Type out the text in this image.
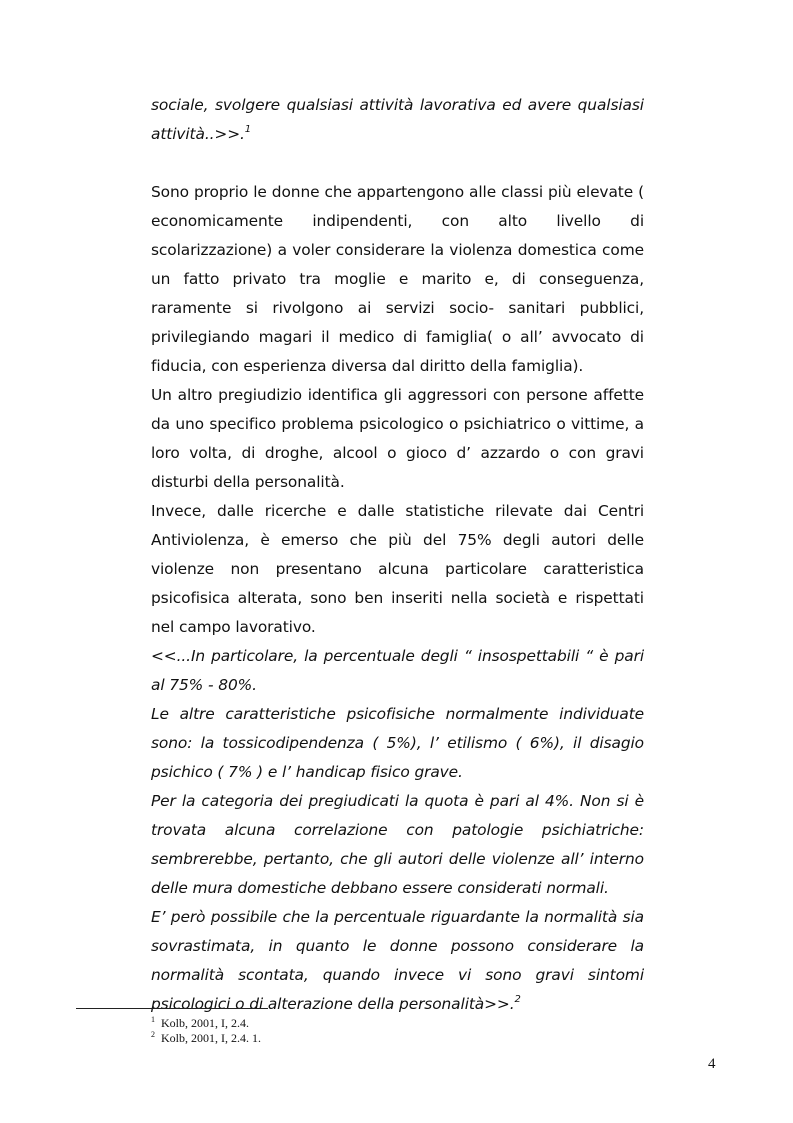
sociale, svolgere qualsiasi attività lavorativa ed avere qualsiasi attività..>>.$^1$

Sono proprio le donne che appartengono alle classi più elevate ( economicamente indipendenti, con alto livello di scolarizzazione) a voler considerare la violenza domestica come un fatto privato tra moglie e marito e, di conseguenza, raramente si rivolgono ai servizi socio- sanitari pubblici, privilegiando magari il medico di famiglia( o all’ avvocato di fiducia, con esperienza diversa dal diritto della famiglia).

Un altro pregiudizio identifica gli aggressori con persone affette da uno specifico problema psicologico o psichiatrico o vittime, a loro volta, di droghe, alcool o gioco d’ azzardo o con gravi disturbi della personalità.

Invece, dalle ricerche e dalle statistiche rilevate dai Centri Antiviolenza, è emerso che più del 75% degli autori delle violenze non presentano alcuna particolare caratteristica psicofisica alterata, sono ben inseriti nella società e rispettati nel campo lavorativo.

<<...In particolare, la percentuale degli “ insospettabili “ è pari al 75% - 80%.

Le altre caratteristiche psicofisiche normalmente individuate sono: la tossicodipendenza ( 5%), l’ etilismo ( 6%), il disagio psichico ( 7% ) e l’ handicap fisico grave.

Per la categoria dei pregiudicati la quota è pari al 4%. Non si è trovata alcuna correlazione con patologie psichiatriche: sembrerebbe, pertanto, che gli autori delle violenze all’ interno delle mura domestiche debbano essere considerati normali.

E’ però possibile che la percentuale riguardante la normalità sia sovrastimata, in quanto le donne possono considerare la normalità scontata, quando invece vi sono gravi sintomi psicologici o di alterazione della personalità>>.$^2$

$^1$ Kolb, 2001, I, 2.4.
$^2$ Kolb, 2001, I, 2.4. 1.
4
